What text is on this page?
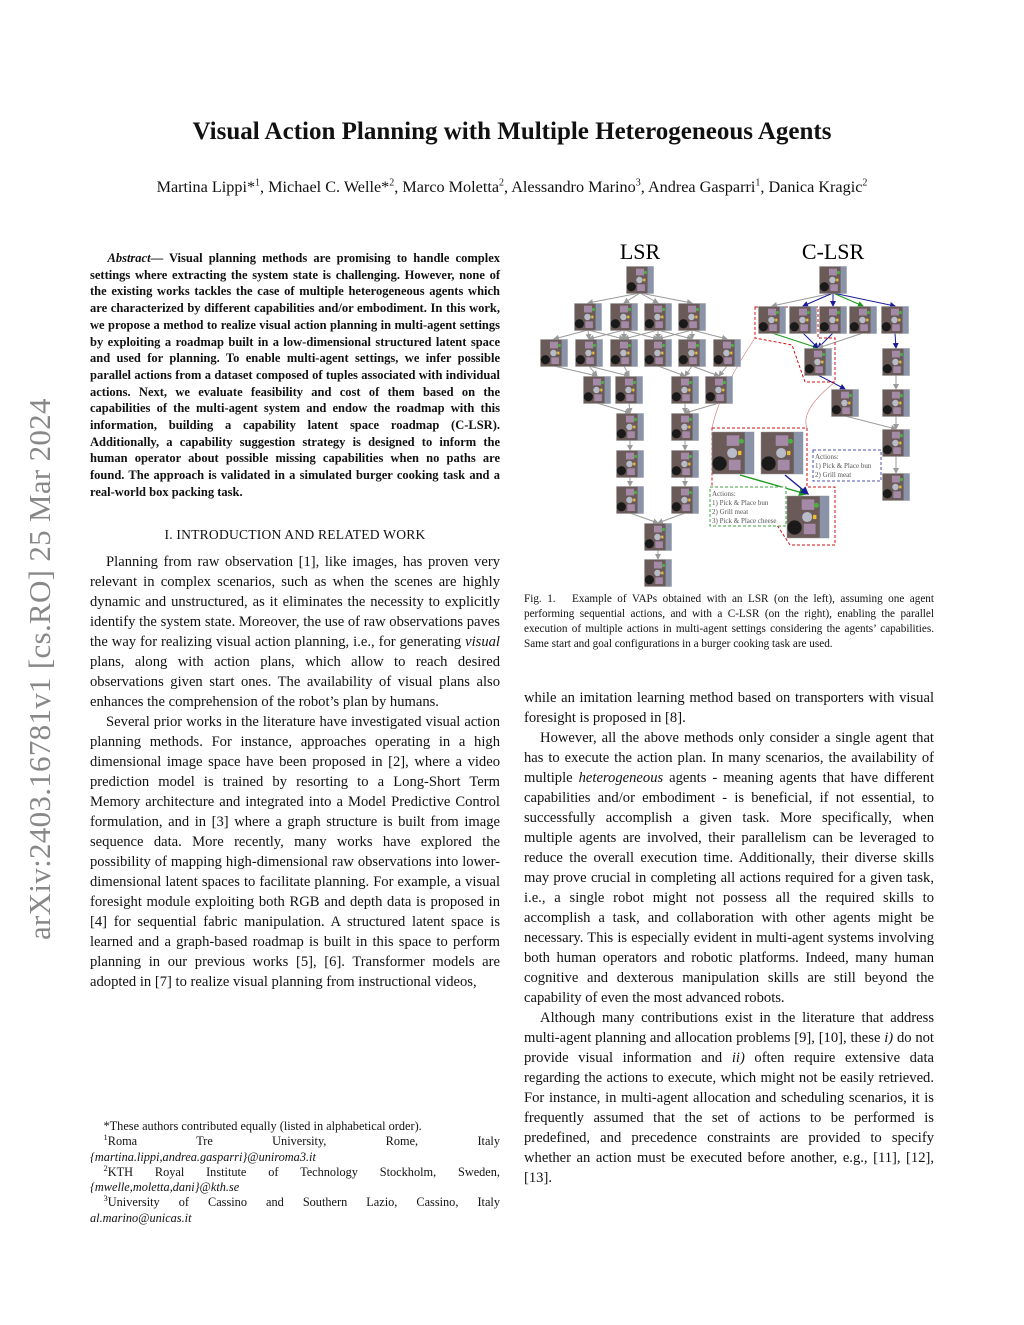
Visual Action Planning with Multiple Heterogeneous Agents
Martina Lippi*$^1$, Michael C. Welle*$^2$, Marco Moletta$^2$, Alessandro Marino$^3$, Andrea Gasparri$^1$, Danica Kragic$^2$
arXiv:2403.16781v1 [cs.RO] 25 Mar 2024

Abstract— Visual planning methods are promising to handle complex settings where extracting the system state is challenging. However, none of the existing works tackles the case of multiple heterogeneous agents which are characterized by different capabilities and/or embodiment. In this work, we propose a method to realize visual action planning in multi-agent settings by exploiting a roadmap built in a low-dimensional structured latent space and used for planning. To enable multi-agent settings, we infer possible parallel actions from a dataset composed of tuples associated with individual actions. Next, we evaluate feasibility and cost of them based on the capabilities of the multi-agent system and endow the roadmap with this information, building a capability latent space roadmap (C-LSR). Additionally, a capability suggestion strategy is designed to inform the human operator about possible missing capabilities when no paths are found. The approach is validated in a simulated burger cooking task and a real-world box packing task.

I. INTRODUCTION AND RELATED WORK

Planning from raw observation [1], like images, has proven very relevant in complex scenarios, such as when the scenes are highly dynamic and unstructured, as it eliminates the necessity to explicitly identify the system state. Moreover, the use of raw observations paves the way for realizing visual action planning, i.e., for generating visual plans, along with action plans, which allow to reach desired observations given start ones. The availability of visual plans also enhances the comprehension of the robot’s plan by humans.

Several prior works in the literature have investigated visual action planning methods. For instance, approaches operating in a high dimensional image space have been proposed in [2], where a video prediction model is trained by resorting to a Long-Short Term Memory architecture and integrated into a Model Predictive Control formulation, and in [3] where a graph structure is built from image sequence data. More recently, many works have explored the possibility of mapping high-dimensional raw observations into lower-dimensional latent spaces to facilitate planning. For example, a visual foresight module exploiting both RGB and depth data is proposed in [4] for sequential fabric manipulation. A structured latent space is learned and a graph-based roadmap is built in this space to perform planning in our previous works [5], [6]. Transformer models are adopted in [7] to realize visual planning from instructional videos,

*These authors contributed equally (listed in alphabetical order).
$^1$Roma Tre University, Rome, Italy
{martina.lippi,andrea.gasparri}@uniroma3.it
$^2$KTH Royal Institute of Technology Stockholm, Sweden,
{mwelle,moletta,dani}@kth.se
$^3$University of Cassino and Southern Lazio, Cassino, Italy
al.marino@unicas.it
LSR	C-LSR
Actions:
1) Pick & Place bun
2) Grill meat
Actions:
1) Pick & Place bun
2) Grill meat
3) Pick & Place cheese
Fig. 1. Example of VAPs obtained with an LSR (on the left), assuming one agent performing sequential actions, and with a C-LSR (on the right), enabling the parallel execution of multiple actions in multi-agent settings considering the agents’ capabilities. Same start and goal configurations in a burger cooking task are used.

while an imitation learning method based on transporters with visual foresight is proposed in [8].

However, all the above methods only consider a single agent that has to execute the action plan. In many scenarios, the availability of multiple heterogeneous agents - meaning agents that have different capabilities and/or embodiment - is beneficial, if not essential, to successfully accomplish a given task. More specifically, when multiple agents are involved, their parallelism can be leveraged to reduce the overall execution time. Additionally, their diverse skills may prove crucial in completing all actions required for a given task, i.e., a single robot might not possess all the required skills to accomplish a task, and collaboration with other agents might be necessary. This is especially evident in multi-agent systems involving both human operators and robotic platforms. Indeed, many human cognitive and dexterous manipulation skills are still beyond the capability of even the most advanced robots.

Although many contributions exist in the literature that address multi-agent planning and allocation problems [9], [10], these i) do not provide visual information and ii) often require extensive data regarding the actions to execute, which might not be easily retrieved. For instance, in multi-agent allocation and scheduling scenarios, it is frequently assumed that the set of actions to be performed is predefined, and precedence constraints are provided to specify whether an action must be executed before another, e.g., [11], [12], [13].
